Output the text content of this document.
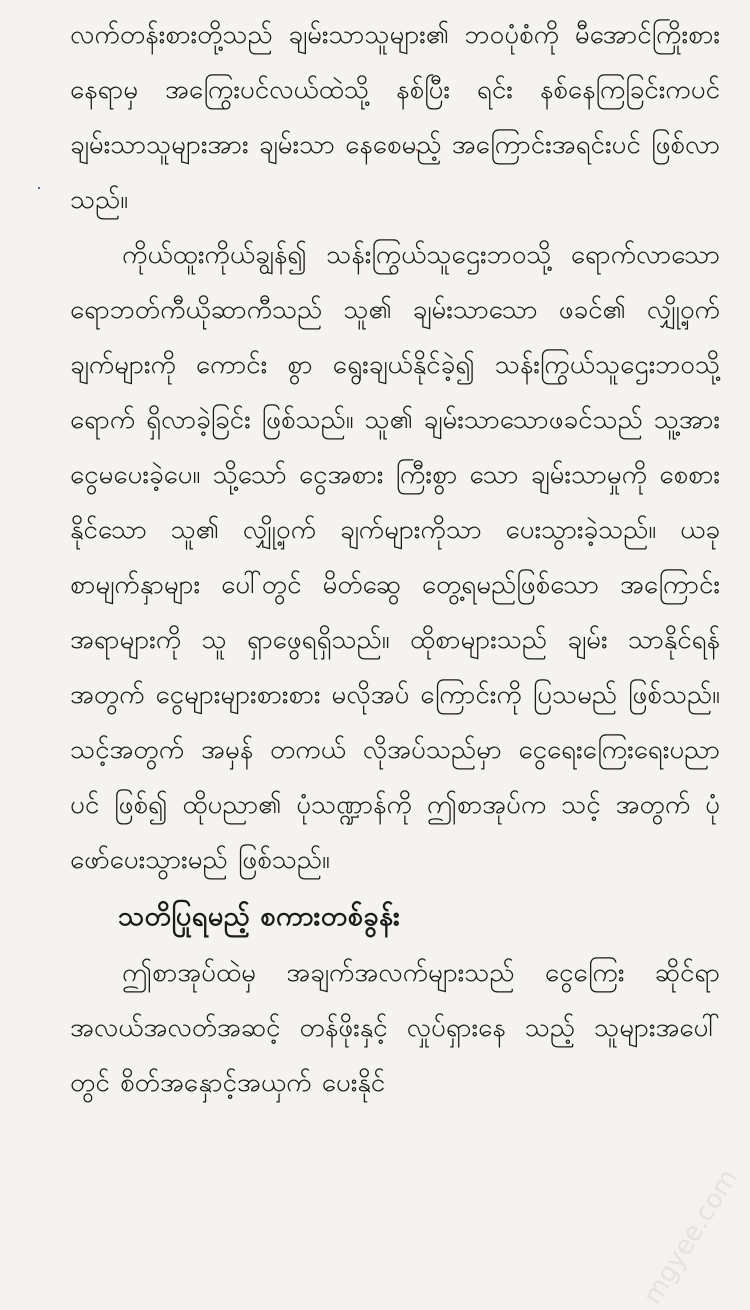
လက်တန်းစားတို့သည် ချမ်းသာသူများ၏ ဘဝပုံစံကို မီအောင်ကြိုးစားနေရာမှ အကြွေးပင်လယ်ထဲသို့ နစ်ပြီး ရင်း နစ်နေကြခြင်းကပင် ချမ်းသာသူများအား ချမ်းသာ နေစေမည့် အကြောင်းအရင်းပင် ဖြစ်လာသည်။

ကိုယ်ထူးကိုယ်ချွန်၍ သန်းကြွယ်သူဌေးဘဝသို့ ရောက်လာသော ရောဘတ်ကီယိုဆာကီသည် သူ၏ ချမ်းသာသော ဖခင်၏ လျှို့ဝှက်ချက်များကို ကောင်း စွာ ရွေးချယ်နိုင်ခဲ့၍ သန်းကြွယ်သူဌေးဘဝသို့ ရောက် ရှိလာခဲ့ခြင်း ဖြစ်သည်။ သူ၏ ချမ်းသာသောဖခင်သည် သူ့အား ငွေမပေးခဲ့ပေ။ သို့သော် ငွေအစား ကြီးစွာ သော ချမ်းသာမှုကို စေစားနိုင်သော သူ၏ လျှို့ဝှက် ချက်များကိုသာ ပေးသွားခဲ့သည်။ ယခု စာမျက်နှာများ ပေါ်တွင် မိတ်ဆွေ တွေ့ရမည်ဖြစ်သော အကြောင်း အရာများကို သူ ရှာဖွေရရှိသည်။ ထိုစာများသည် ချမ်း သာနိုင်ရန်အတွက် ငွေများများစားစား မလိုအပ် ကြောင်းကို ပြသမည် ဖြစ်သည်။ သင့်အတွက် အမှန် တကယ် လိုအပ်သည်မှာ ငွေရေးကြေးရေးပညာပင် ဖြစ်၍ ထိုပညာ၏ ပုံသဏ္ဍာန်ကို ဤစာအုပ်က သင့် အတွက် ပုံဖော်ပေးသွားမည် ဖြစ်သည်။

သတိပြုရမည့် စကားတစ်ခွန်း

ဤစာအုပ်ထဲမှ အချက်အလက်များသည် ငွေကြေး ဆိုင်ရာ အလယ်အလတ်အဆင့် တန်ဖိုးနှင့် လှုပ်ရှားနေ သည့် သူများအပေါ်တွင် စိတ်အနှောင့်အယှက် ပေးနိုင်

mgyee.com
